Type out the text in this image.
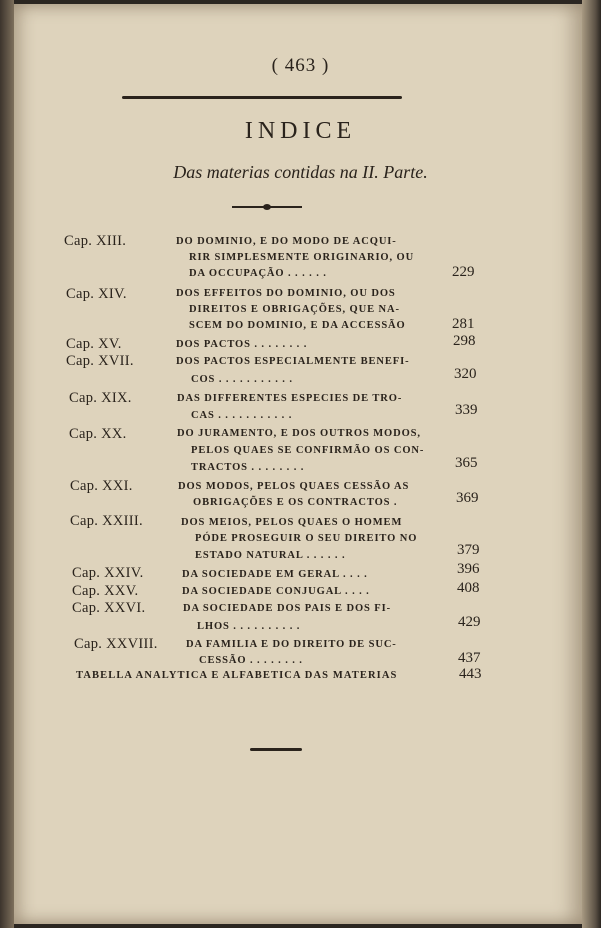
( 463 )
INDICE
Das materias contidas na II. Parte.
Cap. XIII.	DO DOMINIO, E DO MODO DE ACQUI-
RIR SIMPLESMENTE ORIGINARIO, OU
DA OCCUPAÇÃO . . . . . .	229
Cap. XIV.	DOS EFFEITOS DO DOMINIO, OU DOS
DIREITOS E OBRIGAÇÕES, QUE NA-
SCEM DO DOMINIO, E DA ACCESSÃO	281
Cap. XV.	DOS PACTOS . . . . . . . .	298
Cap. XVII.	DOS PACTOS ESPECIALMENTE BENEFI-
COS . . . . . . . . . . .	320
Cap. XIX.	DAS DIFFERENTES ESPECIES DE TRO-
CAS . . . . . . . . . . .	339
Cap. XX.	DO JURAMENTO, E DOS OUTROS MODOS,
PELOS QUAES SE CONFIRMÃO OS CON-
TRACTOS . . . . . . . .	365
Cap. XXI.	DOS MODOS, PELOS QUAES CESSÃO AS
OBRIGAÇÕES E OS CONTRACTOS .	369
Cap. XXIII.	DOS MEIOS, PELOS QUAES O HOMEM
PÓDE PROSEGUIR O SEU DIREITO NO
ESTADO NATURAL . . . . . .	379
Cap. XXIV.	DA SOCIEDADE EM GERAL . . . .	396
Cap. XXV.	DA SOCIEDADE CONJUGAL . . . .	408
Cap. XXVI.	DA SOCIEDADE DOS PAIS E DOS FI-
LHOS . . . . . . . . . .	429
Cap. XXVIII.	DA FAMILIA E DO DIREITO DE SUC-
CESSÃO . . . . . . . .	437
TABELLA ANALYTICA E ALFABETICA DAS MATERIAS	443
